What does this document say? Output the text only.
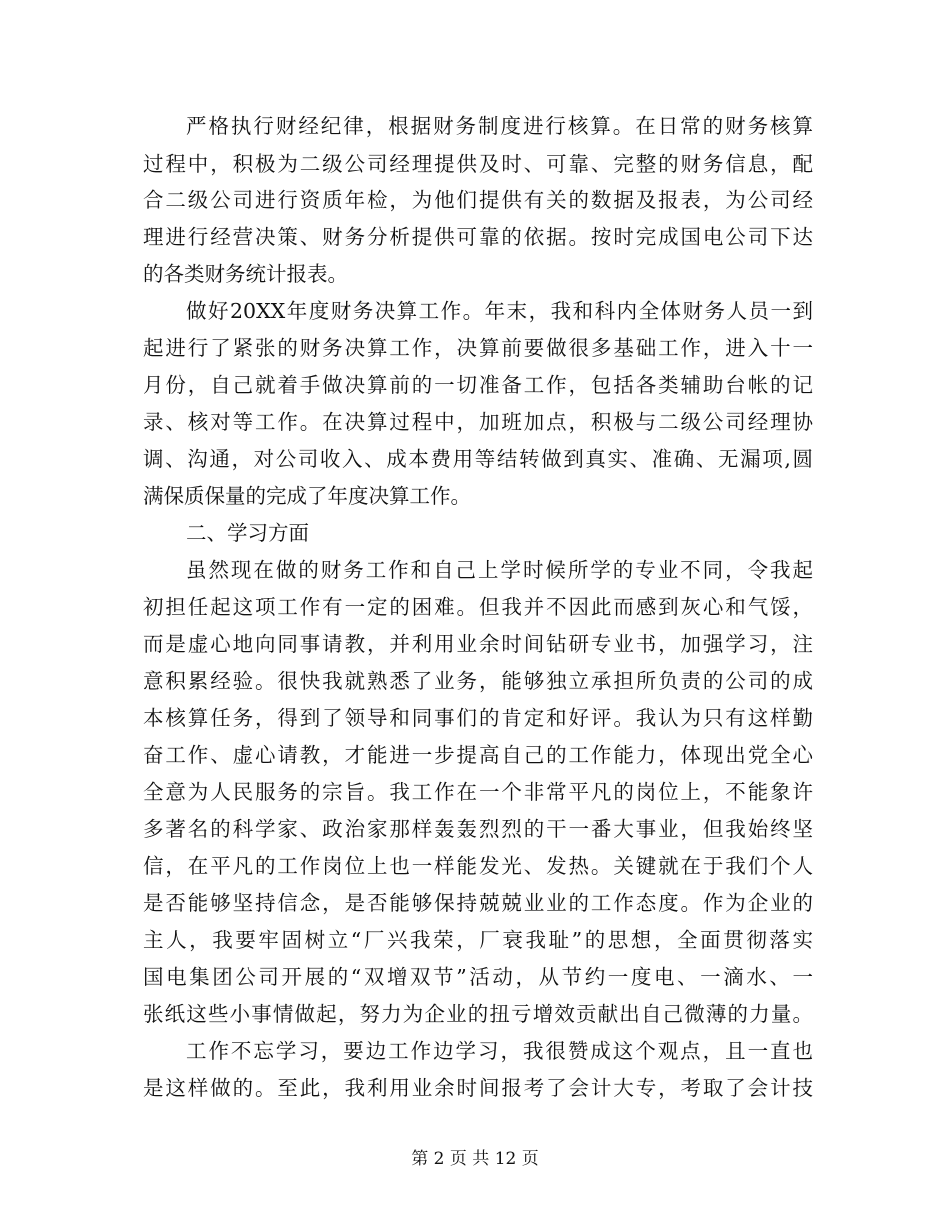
严格执行财经纪律，根据财务制度进行核算。在日常的财务核算
过程中，积极为二级公司经理提供及时、可靠、完整的财务信息，配
合二级公司进行资质年检，为他们提供有关的数据及报表，为公司经
理进行经营决策、财务分析提供可靠的依据。按时完成国电公司下达
的各类财务统计报表。
做好20XX年度财务决算工作。年末，我和科内全体财务人员一到
起进行了紧张的财务决算工作，决算前要做很多基础工作，进入十一
月份，自己就着手做决算前的一切准备工作，包括各类辅助台帐的记
录、核对等工作。在决算过程中，加班加点，积极与二级公司经理协
调、沟通，对公司收入、成本费用等结转做到真实、准确、无漏项,圆
满保质保量的完成了年度决算工作。
二、学习方面
虽然现在做的财务工作和自己上学时候所学的专业不同，令我起
初担任起这项工作有一定的困难。但我并不因此而感到灰心和气馁，
而是虚心地向同事请教，并利用业余时间钻研专业书，加强学习，注
意积累经验。很快我就熟悉了业务，能够独立承担所负责的公司的成
本核算任务，得到了领导和同事们的肯定和好评。我认为只有这样勤
奋工作、虚心请教，才能进一步提高自己的工作能力，体现出党全心
全意为人民服务的宗旨。我工作在一个非常平凡的岗位上，不能象许
多著名的科学家、政治家那样轰轰烈烈的干一番大事业，但我始终坚
信，在平凡的工作岗位上也一样能发光、发热。关键就在于我们个人
是否能够坚持信念，是否能够保持兢兢业业的工作态度。作为企业的
主人，我要牢固树立“厂兴我荣，厂衰我耻”的思想，全面贯彻落实
国电集团公司开展的“双增双节”活动，从节约一度电、一滴水、一
张纸这些小事情做起，努力为企业的扭亏增效贡献出自己微薄的力量。
工作不忘学习，要边工作边学习，我很赞成这个观点，且一直也
是这样做的。至此，我利用业余时间报考了会计大专，考取了会计技
第 2 页 共 12 页
